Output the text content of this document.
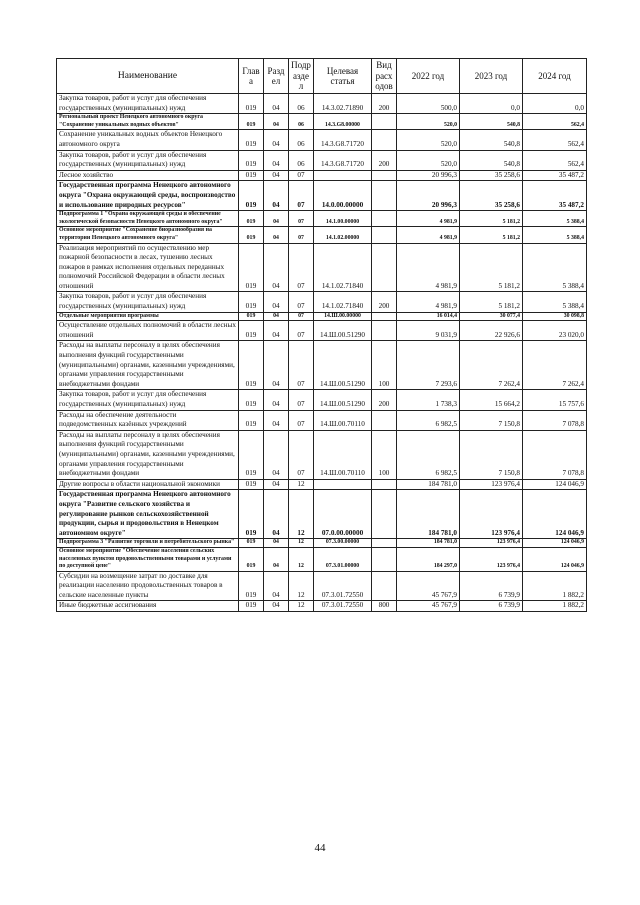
Наименование	Глав а	Разд ел	Подр азде л	Целевая статья	Вид расх одов	2022 год	2023 год	2024 год
Закупка товаров, работ и услуг для обеспечения государственных (муниципальных) нужд	019	04	06	14.3.02.71890	200	500,0	0,0	0,0
Региональный проект Ненецкого автономного округа "Сохранение уникальных водных объектов"	019	04	06	14.3.G8.00000		520,0	540,8	562,4
Сохранение уникальных водных объектов Ненецкого автономного округа	019	04	06	14.3.G8.71720		520,0	540,8	562,4
Закупка товаров, работ и услуг для обеспечения государственных (муниципальных) нужд	019	04	06	14.3.G8.71720	200	520,0	540,8	562,4
Лесное хозяйство	019	04	07			20 996,3	35 258,6	35 487,2
Государственная программа Ненецкого автономного округа "Охрана окружающей среды, воспроизводство и использование природных ресурсов"	019	04	07	14.0.00.00000		20 996,3	35 258,6	35 487,2
Подпрограмма 1 "Охрана окружающей среды и обеспечение экологической безопасности Ненецкого автономного округа"	019	04	07	14.1.00.00000		4 981,9	5 181,2	5 388,4
Основное мероприятие "Сохранение биоразнообразия на территории Ненецкого автономного округа"	019	04	07	14.1.02.00000		4 981,9	5 181,2	5 388,4
Реализация мероприятий по осуществлению мер пожарной безопасности в лесах, тушению лесных пожаров в рамках исполнения отдельных переданных полномочий Российской Федерации в области лесных отношений	019	04	07	14.1.02.71840		4 981,9	5 181,2	5 388,4
Закупка товаров, работ и услуг для обеспечения государственных (муниципальных) нужд	019	04	07	14.1.02.71840	200	4 981,9	5 181,2	5 388,4
Отдельные мероприятия программы	019	04	07	14.Ш.00.00000		16 014,4	30 077,4	30 098,8
Осуществление отдельных полномочий в области лесных отношений	019	04	07	14.Ш.00.51290		9 031,9	22 926,6	23 020,0
Расходы на выплаты персоналу в целях обеспечения выполнения функций государственными (муниципальными) органами, казенными учреждениями, органами управления государственными внебюджетными фондами	019	04	07	14.Ш.00.51290	100	7 293,6	7 262,4	7 262,4
Закупка товаров, работ и услуг для обеспечения государственных (муниципальных) нужд	019	04	07	14.Ш.00.51290	200	1 738,3	15 664,2	15 757,6
Расходы на обеспечение деятельности подведомственных казённых учреждений	019	04	07	14.Ш.00.70110		6 982,5	7 150,8	7 078,8
Расходы на выплаты персоналу в целях обеспечения выполнения функций государственными (муниципальными) органами, казенными учреждениями, органами управления государственными внебюджетными фондами	019	04	07	14.Ш.00.70110	100	6 982,5	7 150,8	7 078,8
Другие вопросы в области национальной экономики	019	04	12			184 781,0	123 976,4	124 046,9
Государственная программа Ненецкого автономного округа "Развитие сельского хозяйства и регулирование рынков сельскохозяйственной продукции, сырья и продовольствия в Ненецком автономном округе"	019	04	12	07.0.00.00000		184 781,0	123 976,4	124 046,9
Подпрограмма 3 "Развитие торговли и потребительского рынка"	019	04	12	07.3.00.00000		184 781,0	123 976,4	124 046,9
Основное мероприятие "Обеспечение населения сельских населенных пунктов продовольственными товарами и услугами по доступной цене"	019	04	12	07.3.01.00000		184 297,0	123 976,4	124 046,9
Субсидии на возмещение затрат по доставке для реализации населению продовольственных товаров в сельские населенные пункты	019	04	12	07.3.01.72550		45 767,9	6 739,9	1 882,2
Иные бюджетные ассигнования	019	04	12	07.3.01.72550	800	45 767,9	6 739,9	1 882,2
44
